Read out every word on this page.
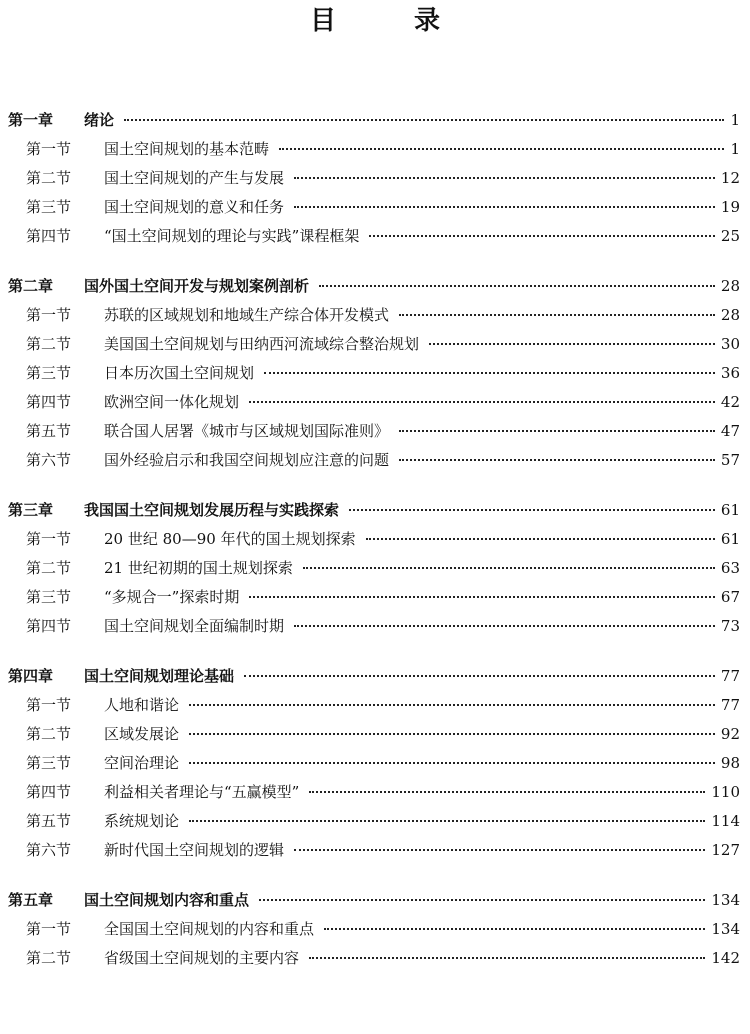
目　录
第一章	绪论	1
第一节	国土空间规划的基本范畴	1
第二节	国土空间规划的产生与发展	12
第三节	国土空间规划的意义和任务	19
第四节	“国土空间规划的理论与实践”课程框架	25
第二章	国外国土空间开发与规划案例剖析	28
第一节	苏联的区域规划和地域生产综合体开发模式	28
第二节	美国国土空间规划与田纳西河流域综合整治规划	30
第三节	日本历次国土空间规划	36
第四节	欧洲空间一体化规划	42
第五节	联合国人居署《城市与区域规划国际准则》	47
第六节	国外经验启示和我国空间规划应注意的问题	57
第三章	我国国土空间规划发展历程与实践探索	61
第一节	20 世纪 80—90 年代的国土规划探索	61
第二节	21 世纪初期的国土规划探索	63
第三节	“多规合一”探索时期	67
第四节	国土空间规划全面编制时期	73
第四章	国土空间规划理论基础	77
第一节	人地和谐论	77
第二节	区域发展论	92
第三节	空间治理论	98
第四节	利益相关者理论与“五赢模型”	110
第五节	系统规划论	114
第六节	新时代国土空间规划的逻辑	127
第五章	国土空间规划内容和重点	134
第一节	全国国土空间规划的内容和重点	134
第二节	省级国土空间规划的主要内容	142
